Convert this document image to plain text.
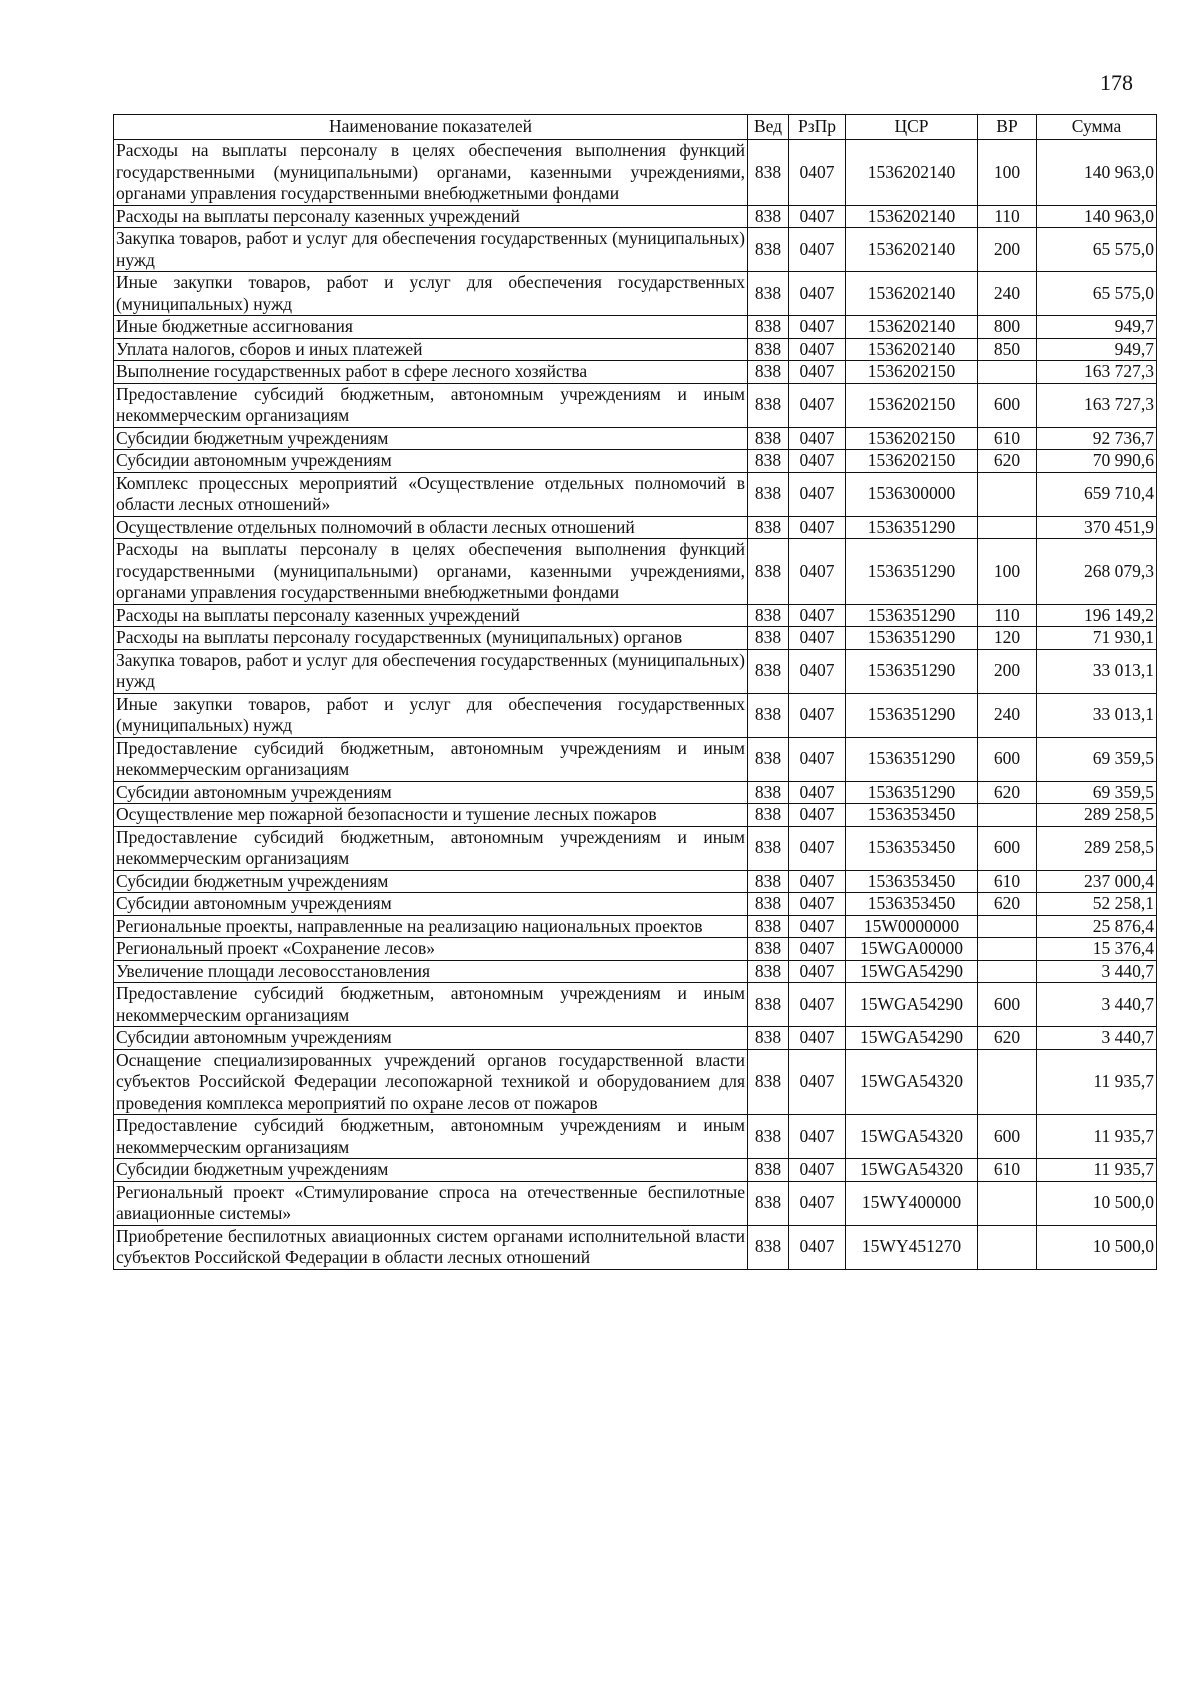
178
Наименование показателей	Вед	РзПр	ЦСР	ВР	Сумма
Расходы на выплаты персоналу в целях обеспечения выполнения функций государственными (муниципальными) органами, казенными учреждениями, органами управления государственными внебюджетными фондами	838	0407	1536202140	100	140 963,0
Расходы на выплаты персоналу казенных учреждений	838	0407	1536202140	110	140 963,0
Закупка товаров, работ и услуг для обеспечения государственных (муниципальных) нужд	838	0407	1536202140	200	65 575,0
Иные закупки товаров, работ и услуг для обеспечения государственных (муниципальных) нужд	838	0407	1536202140	240	65 575,0
Иные бюджетные ассигнования	838	0407	1536202140	800	949,7
Уплата налогов, сборов и иных платежей	838	0407	1536202140	850	949,7
Выполнение государственных работ в сфере лесного хозяйства	838	0407	1536202150		163 727,3
Предоставление субсидий бюджетным, автономным учреждениям и иным некоммерческим организациям	838	0407	1536202150	600	163 727,3
Субсидии бюджетным учреждениям	838	0407	1536202150	610	92 736,7
Субсидии автономным учреждениям	838	0407	1536202150	620	70 990,6
Комплекс процессных мероприятий «Осуществление отдельных полномочий в области лесных отношений»	838	0407	1536300000		659 710,4
Осуществление отдельных полномочий в области лесных отношений	838	0407	1536351290		370 451,9
Расходы на выплаты персоналу в целях обеспечения выполнения функций государственными (муниципальными) органами, казенными учреждениями, органами управления государственными внебюджетными фондами	838	0407	1536351290	100	268 079,3
Расходы на выплаты персоналу казенных учреждений	838	0407	1536351290	110	196 149,2
Расходы на выплаты персоналу государственных (муниципальных) органов	838	0407	1536351290	120	71 930,1
Закупка товаров, работ и услуг для обеспечения государственных (муниципальных) нужд	838	0407	1536351290	200	33 013,1
Иные закупки товаров, работ и услуг для обеспечения государственных (муниципальных) нужд	838	0407	1536351290	240	33 013,1
Предоставление субсидий бюджетным, автономным учреждениям и иным некоммерческим организациям	838	0407	1536351290	600	69 359,5
Субсидии автономным учреждениям	838	0407	1536351290	620	69 359,5
Осуществление мер пожарной безопасности и тушение лесных пожаров	838	0407	1536353450		289 258,5
Предоставление субсидий бюджетным, автономным учреждениям и иным некоммерческим организациям	838	0407	1536353450	600	289 258,5
Субсидии бюджетным учреждениям	838	0407	1536353450	610	237 000,4
Субсидии автономным учреждениям	838	0407	1536353450	620	52 258,1
Региональные проекты, направленные на реализацию национальных проектов	838	0407	15W0000000		25 876,4
Региональный проект «Сохранение лесов»	838	0407	15WGA00000		15 376,4
Увеличение площади лесовосстановления	838	0407	15WGA54290		3 440,7
Предоставление субсидий бюджетным, автономным учреждениям и иным некоммерческим организациям	838	0407	15WGA54290	600	3 440,7
Субсидии автономным учреждениям	838	0407	15WGA54290	620	3 440,7
Оснащение специализированных учреждений органов государственной власти субъектов Российской Федерации лесопожарной техникой и оборудованием для проведения комплекса мероприятий по охране лесов от пожаров	838	0407	15WGA54320		11 935,7
Предоставление субсидий бюджетным, автономным учреждениям и иным некоммерческим организациям	838	0407	15WGA54320	600	11 935,7
Субсидии бюджетным учреждениям	838	0407	15WGA54320	610	11 935,7
Региональный проект «Стимулирование спроса на отечественные беспилотные авиационные системы»	838	0407	15WY400000		10 500,0
Приобретение беспилотных авиационных систем органами исполнительной власти субъектов Российской Федерации в области лесных отношений	838	0407	15WY451270		10 500,0
